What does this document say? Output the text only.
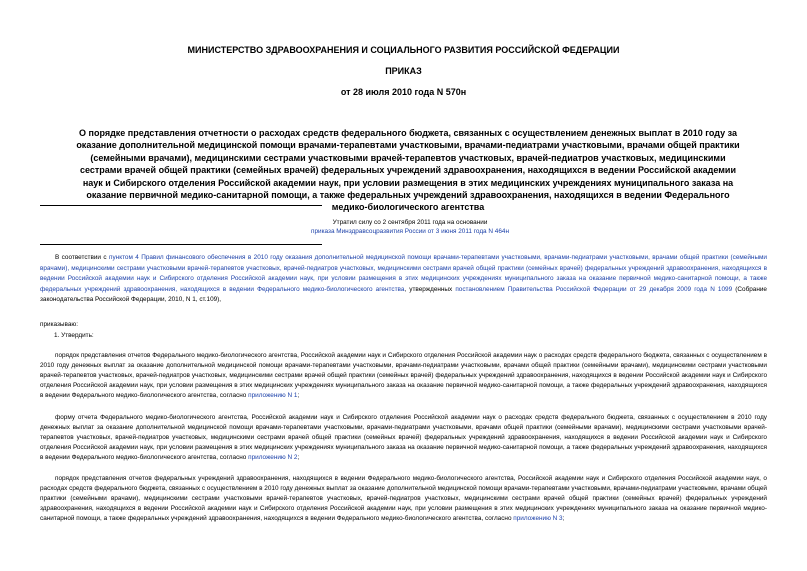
МИНИСТЕРСТВО ЗДРАВООХРАНЕНИЯ И СОЦИАЛЬНОГО РАЗВИТИЯ РОССИЙСКОЙ ФЕДЕРАЦИИ
ПРИКАЗ
от 28 июля 2010 года N 570н
О порядке представления отчетности о расходах средств федерального бюджета, связанных с осуществлением денежных выплат в 2010 году за оказание дополнительной медицинской помощи врачами-терапевтами участковыми, врачами-педиатрами участковыми, врачами общей практики (семейными врачами), медицинскими сестрами участковыми врачей-терапевтов участковых, врачей-педиатров участковых, медицинскими сестрами врачей общей практики (семейных врачей) федеральных учреждений здравоохранения, находящихся в ведении Российской академии наук и Сибирского отделения Российской академии наук, при условии размещения в этих медицинских учреждениях муниципального заказа на оказание первичной медико-санитарной помощи, а также федеральных учреждений здравоохранения, находящихся в ведении Федерального медико-биологического агентства
Утратил силу со 2 сентября 2011 года на основании
приказа Минздравсоцразвития России от 3 июня 2011 года N 464н
В соответствии с пунктом 4 Правил финансового обеспечения в 2010 году оказания дополнительной медицинской помощи врачами-терапевтами участковыми, врачами-педиатрами участковыми, врачами общей практики (семейными врачами), медицинскими сестрами участковыми врачей-терапевтов участковых, врачей-педиатров участковых, медицинскими сестрами врачей общей практики (семейных врачей) федеральных учреждений здравоохранения, находящихся в ведении Российской академии наук и Сибирского отделения Российской академии наук, при условии размещения в этих медицинских учреждениях муниципального заказа на оказание первичной медико-санитарной помощи, а также федеральных учреждений здравоохранения, находящихся в ведении Федерального медико-биологического агентства, утвержденных постановлением Правительства Российской Федерации от 29 декабря 2009 года N 1099 (Собрание законодательства Российской Федерации, 2010, N 1, ст.109),
приказываю:
1. Утвердить:
порядок представления отчетов Федерального медико-биологического агентства, Российской академии наук и Сибирского отделения Российской академии наук о расходах средств федерального бюджета, связанных с осуществлением в 2010 году денежных выплат за оказание дополнительной медицинской помощи врачами-терапевтами участковыми, врачами-педиатрами участковыми, врачами общей практики (семейными врачами), медицинскими сестрами участковыми врачей-терапевтов участковых, врачей-педиатров участковых, медицинскими сестрами врачей общей практики (семейных врачей) федеральных учреждений здравоохранения, находящихся в ведении Российской академии наук и Сибирского отделения Российской академии наук, при условии размещения в этих медицинских учреждениях муниципального заказа на оказание первичной медико-санитарной помощи, а также федеральных учреждений здравоохранения, находящихся в ведении Федерального медико-биологического агентства, согласно приложению N 1;
форму отчета Федерального медико-биологического агентства, Российской академии наук и Сибирского отделения Российской академии наук о расходах средств федерального бюджета, связанных с осуществлением в 2010 году денежных выплат за оказание дополнительной медицинской помощи врачами-терапевтами участковыми, врачами-педиатрами участковыми, врачами общей практики (семейными врачами), медицинскими сестрами участковыми врачей-терапевтов участковых, врачей-педиатров участковых, медицинскими сестрами врачей общей практики (семейных врачей) федеральных учреждений здравоохранения, находящихся в ведении Российской академии наук и Сибирского отделения Российской академии наук, при условии размещения в этих медицинских учреждениях муниципального заказа на оказание первичной медико-санитарной помощи, а также федеральных учреждений здравоохранения, находящихся в ведении Федерального медико-биологического агентства, согласно приложению N 2;
порядок представления отчетов федеральных учреждений здравоохранения, находящихся в ведении Федерального медико-биологического агентства, Российской академии наук и Сибирского отделения Российской академии наук, о расходах средств федерального бюджета, связанных с осуществлением в 2010 году денежных выплат за оказание дополнительной медицинской помощи врачами-терапевтами участковыми, врачами-педиатрами участковыми, врачами общей практики (семейными врачами), медицинскими сестрами участковыми врачей-терапевтов участковых, врачей-педиатров участковых, медицинскими сестрами врачей общей практики (семейных врачей) федеральных учреждений здравоохранения, находящихся в ведении Российской академии наук и Сибирского отделения Российской академии наук, при условии размещения в этих медицинских учреждениях муниципального заказа на оказание первичной медико-санитарной помощи, а также федеральных учреждений здравоохранения, находящихся в ведении Федерального медико-биологического агентства, согласно приложению N 3;
